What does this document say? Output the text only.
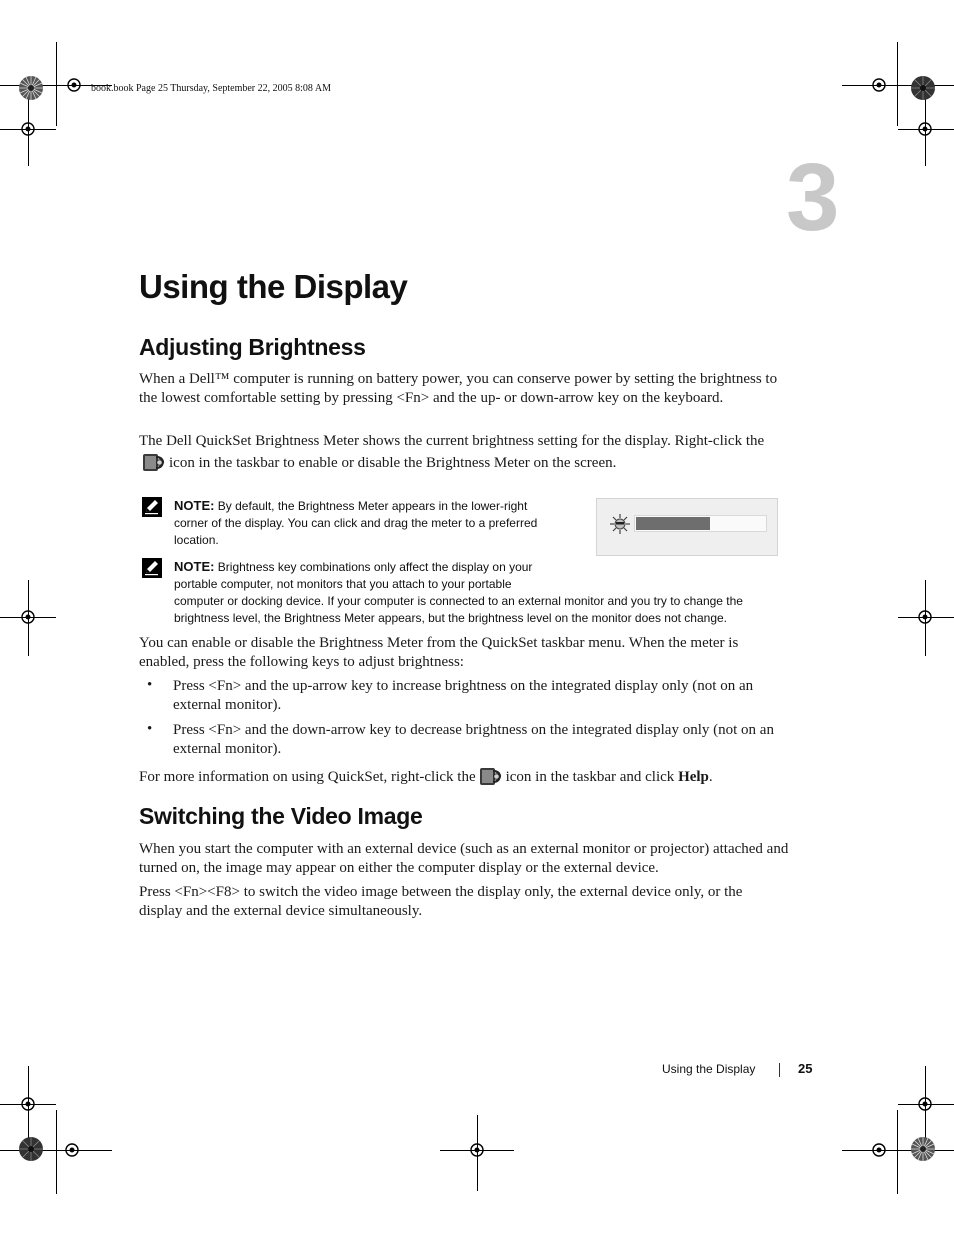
book.book Page 25 Thursday, September 22, 2005 8:08 AM
3
Using the Display
Adjusting Brightness

When a Dell™ computer is running on battery power, you can conserve power by setting the brightness to the lowest comfortable setting by pressing <Fn> and the up- or down-arrow key on the keyboard.

The Dell QuickSet Brightness Meter shows the current brightness setting for the display. Right-click theicon in the taskbar to enable or disable the Brightness Meter on the screen.

NOTE: By default, the Brightness Meter appears in the lower-right
corner of the display. You can click and drag the meter to a preferred
location.
NOTE: Brightness key combinations only affect the display on your
portable computer, not monitors that you attach to your portable
computer or docking device. If your computer is connected to an external monitor and you try to change the
brightness level, the Brightness Meter appears, but the brightness level on the monitor does not change.

You can enable or disable the Brightness Meter from the QuickSet taskbar menu. When the meter is enabled, press the following keys to adjust brightness:

• Press <Fn> and the up-arrow key to increase brightness on the integrated display only (not on an external monitor).

• Press <Fn> and the down-arrow key to decrease brightness on the integrated display only (not on an external monitor).

For more information on using QuickSet, right-click the icon in the taskbar and click Help.

Switching the Video Image

When you start the computer with an external device (such as an external monitor or projector) attached and turned on, the image may appear on either the computer display or the external device.

Press <Fn><F8> to switch the video image between the display only, the external device only, or the display and the external device simultaneously.

Using the Display	25
